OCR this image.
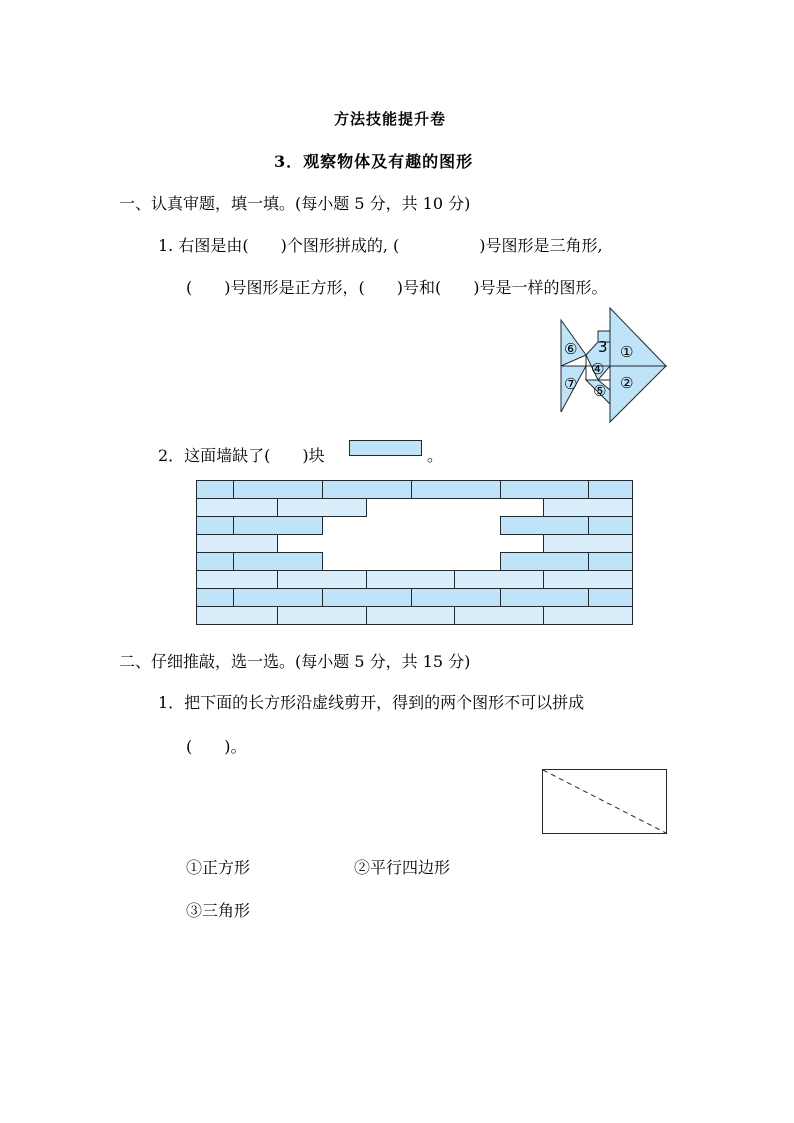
方法技能提升卷
3．观察物体及有趣的图形
一、认真审题，填一填。(每小题 5 分，共 10 分)
1. 右图是由(　　)个图形拼成的, (　　　　　)号图形是三角形,
(　　)号图形是正方形，(　　)号和(　　)号是一样的图形。
⑥ 3 ①
④
⑦	②
⑤
2．这面墙缺了(　　)块	。
二、仔细推敲，选一选。(每小题 5 分，共 15 分)
1．把下面的长方形沿虚线剪开，得到的两个图形不可以拼成
(　　)。
①正方形	②平行四边形
③三角形
